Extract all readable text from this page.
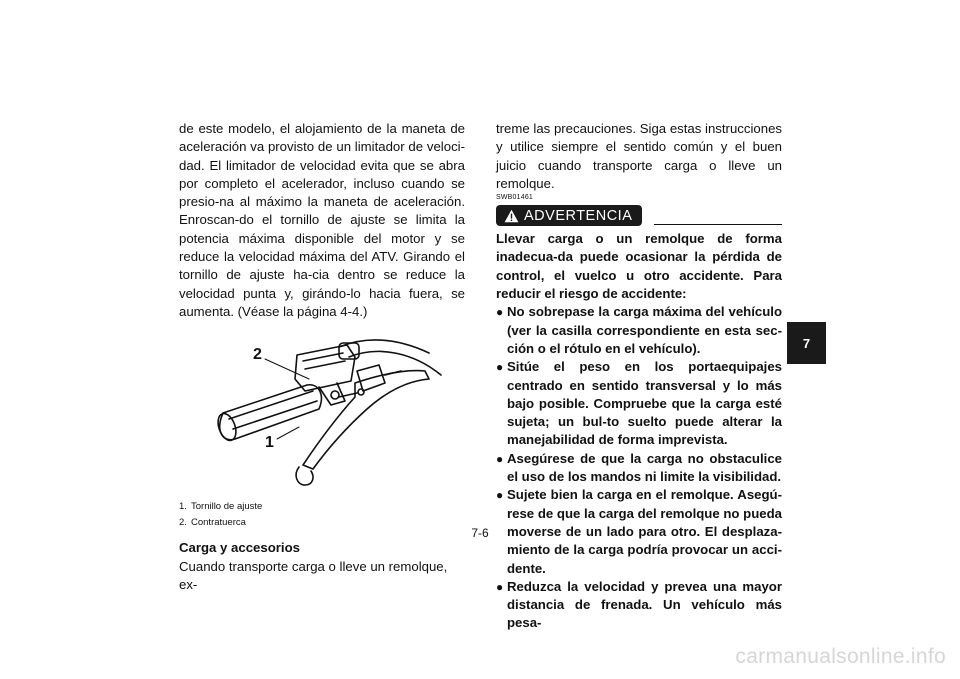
de este modelo, el alojamiento de la maneta de aceleración va provisto de un limitador de veloci-dad. El limitador de velocidad evita que se abra por completo el acelerador, incluso cuando se presio-na al máximo la maneta de aceleración. Enroscan-do el tornillo de ajuste se limita la potencia máxima disponible del motor y se reduce la velocidad máxima del ATV. Girando el tornillo de ajuste ha-cia dentro se reduce la velocidad punta y, girándo-lo hacia fuera, se aumenta. (Véase la página 4-4.)

2
1
1. Tornillo de ajuste
2. Contratuerca
Carga y accesorios
Cuando transporte carga o lleve un remolque, ex-

treme las precauciones. Siga estas instrucciones y utilice siempre el sentido común y el buen juicio cuando transporte carga o lleve un remolque.

SWB01461
ADVERTENCIA

Llevar carga o un remolque de forma inadecua-da puede ocasionar la pérdida de control, el vuelco u otro accidente. Para reducir el riesgo de accidente:

● No sobrepase la carga máxima del vehículo (ver la casilla correspondiente en esta sec-ción o el rótulo en el vehículo).
● Sitúe el peso en los portaequipajes centrado en sentido transversal y lo más bajo posible. Compruebe que la carga esté sujeta; un bul-to suelto puede alterar la manejabilidad de forma imprevista.
● Asegúrese de que la carga no obstaculice el uso de los mandos ni limite la visibilidad.
● Sujete bien la carga en el remolque. Asegú-rese de que la carga del remolque no pueda moverse de un lado para otro. El desplaza-miento de la carga podría provocar un acci-dente.
● Reduzca la velocidad y prevea una mayor distancia de frenada. Un vehículo más pesa-
7-6
7
carmanualsonline.info
